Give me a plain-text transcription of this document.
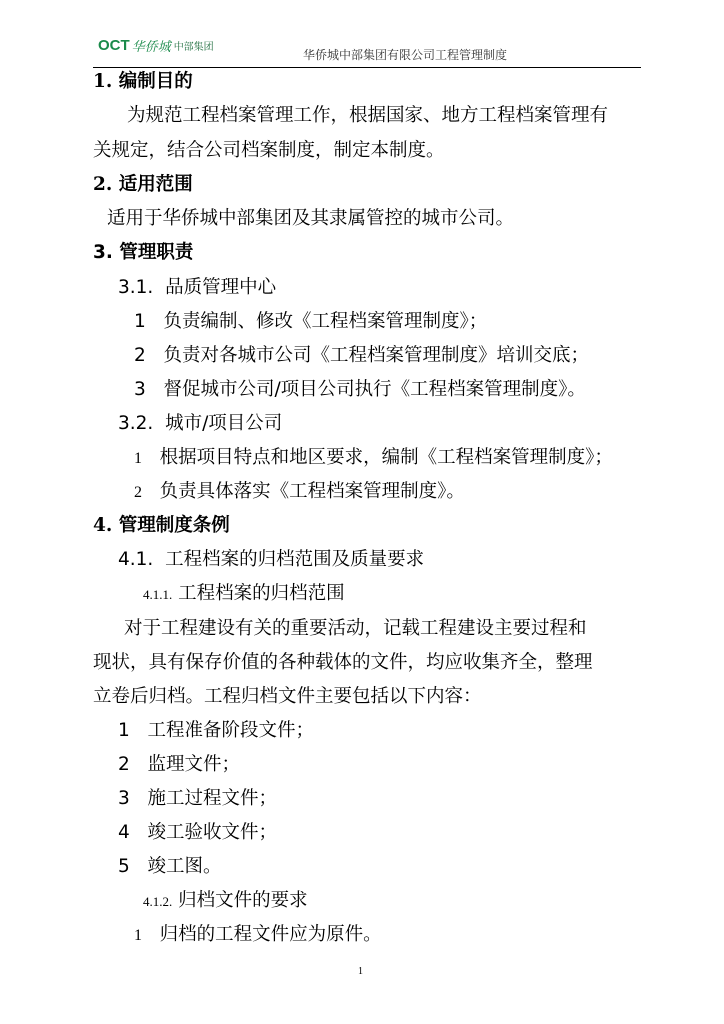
OCT 华侨城 中部集团
华侨城中部集团有限公司工程管理制度
1. 编制目的
为规范工程档案管理工作，根据国家、地方工程档案管理有
关规定，结合公司档案制度，制定本制度。
2. 适用范围
适用于华侨城中部集团及其隶属管控的城市公司。
3. 管理职责
3.1. 品质管理中心
1 负责编制、修改《工程档案管理制度》；
2 负责对各城市公司《工程档案管理制度》培训交底；
3 督促城市公司/项目公司执行《工程档案管理制度》。
3.2. 城市/项目公司
1 根据项目特点和地区要求，编制《工程档案管理制度》；
2 负责具体落实《工程档案管理制度》。
4. 管理制度条例
4.1. 工程档案的归档范围及质量要求
4.1.1. 工程档案的归档范围
对于工程建设有关的重要活动，记载工程建设主要过程和
现状，具有保存价值的各种载体的文件，均应收集齐全，整理
立卷后归档。工程归档文件主要包括以下内容：
1 工程准备阶段文件；
2 监理文件；
3 施工过程文件；
4 竣工验收文件；
5 竣工图。
4.1.2. 归档文件的要求
1 归档的工程文件应为原件。
1
